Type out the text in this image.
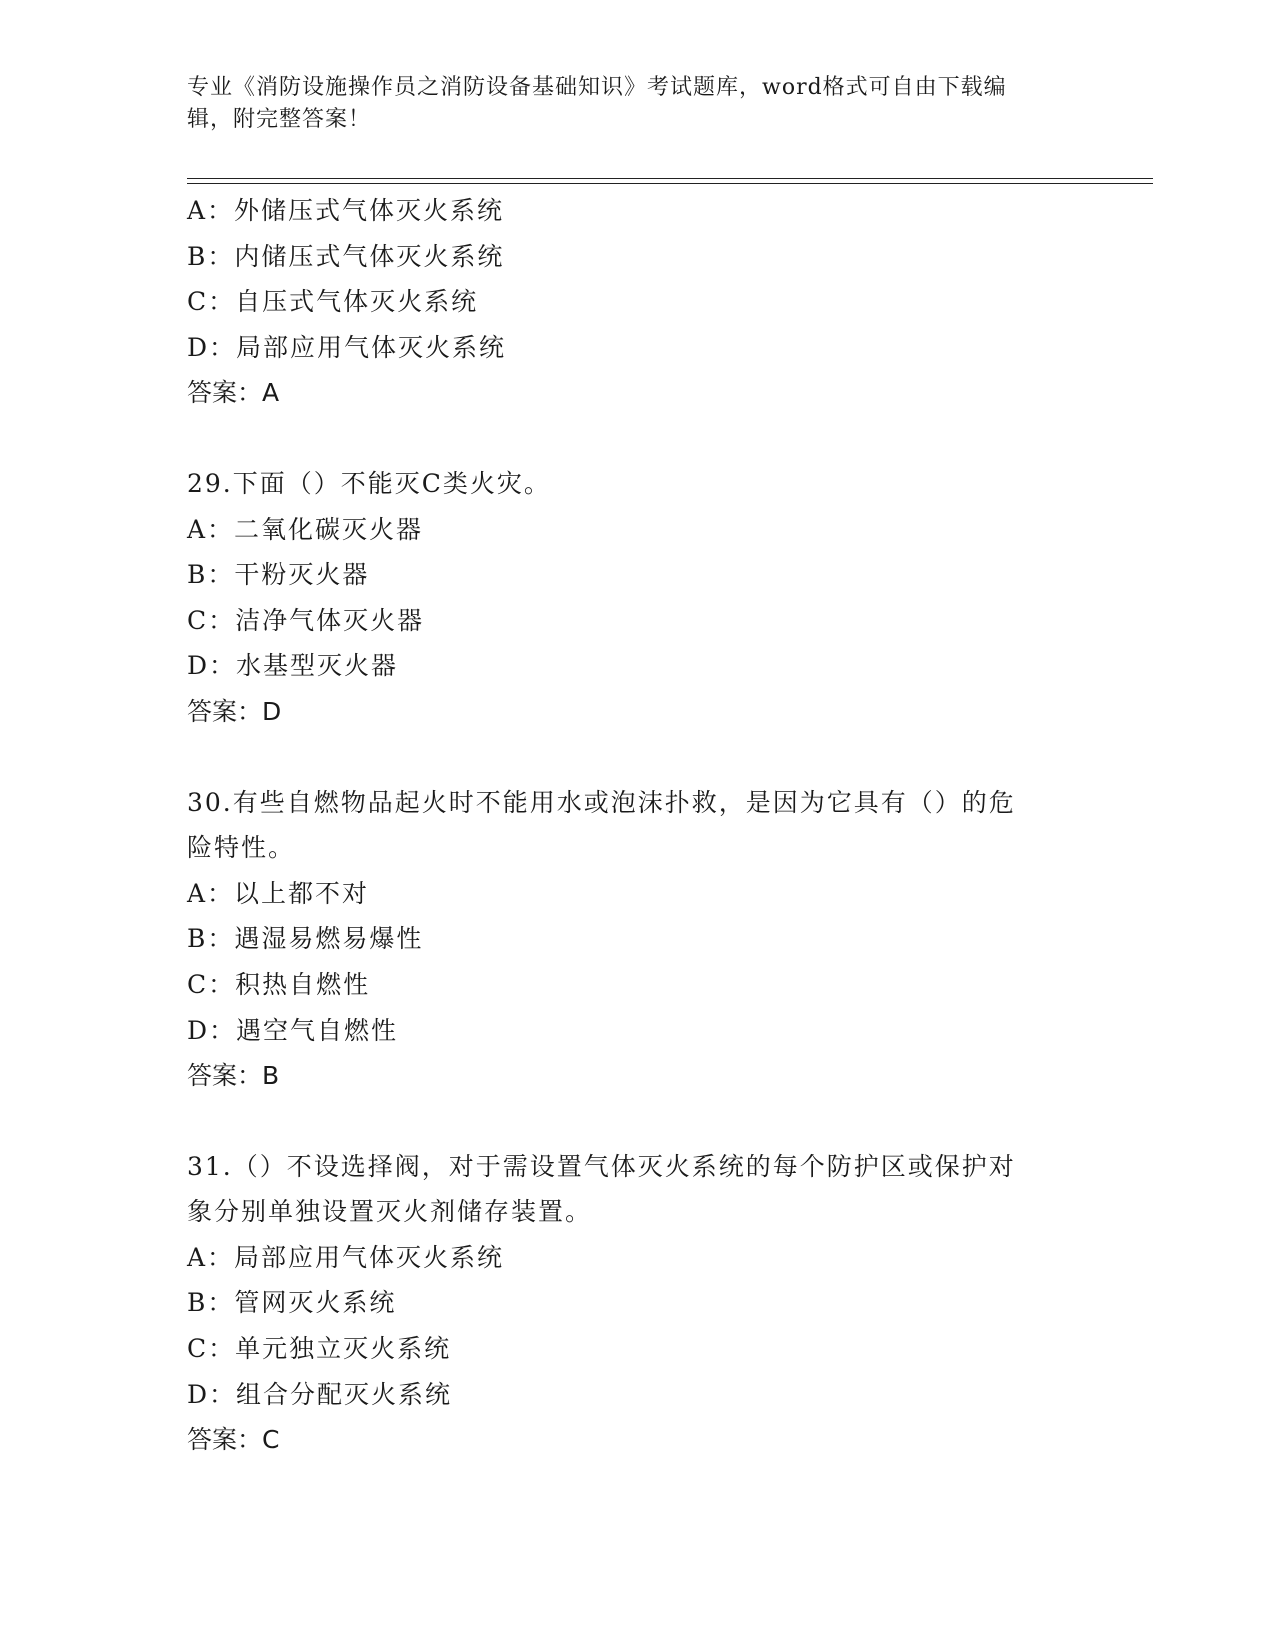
专业《消防设施操作员之消防设备基础知识》考试题库，word格式可自由下载编
辑，附完整答案！
A：外储压式气体灭火系统
B：内储压式气体灭火系统
C：自压式气体灭火系统
D：局部应用气体灭火系统
答案：A
29.下面（）不能灭C类火灾。
A：二氧化碳灭火器
B：干粉灭火器
C：洁净气体灭火器
D：水基型灭火器
答案：D
30.有些自燃物品起火时不能用水或泡沫扑救，是因为它具有（）的危
险特性。
A：以上都不对
B：遇湿易燃易爆性
C：积热自燃性
D：遇空气自燃性
答案：B
31.（）不设选择阀，对于需设置气体灭火系统的每个防护区或保护对
象分别单独设置灭火剂储存装置。
A：局部应用气体灭火系统
B：管网灭火系统
C：单元独立灭火系统
D：组合分配灭火系统
答案：C
